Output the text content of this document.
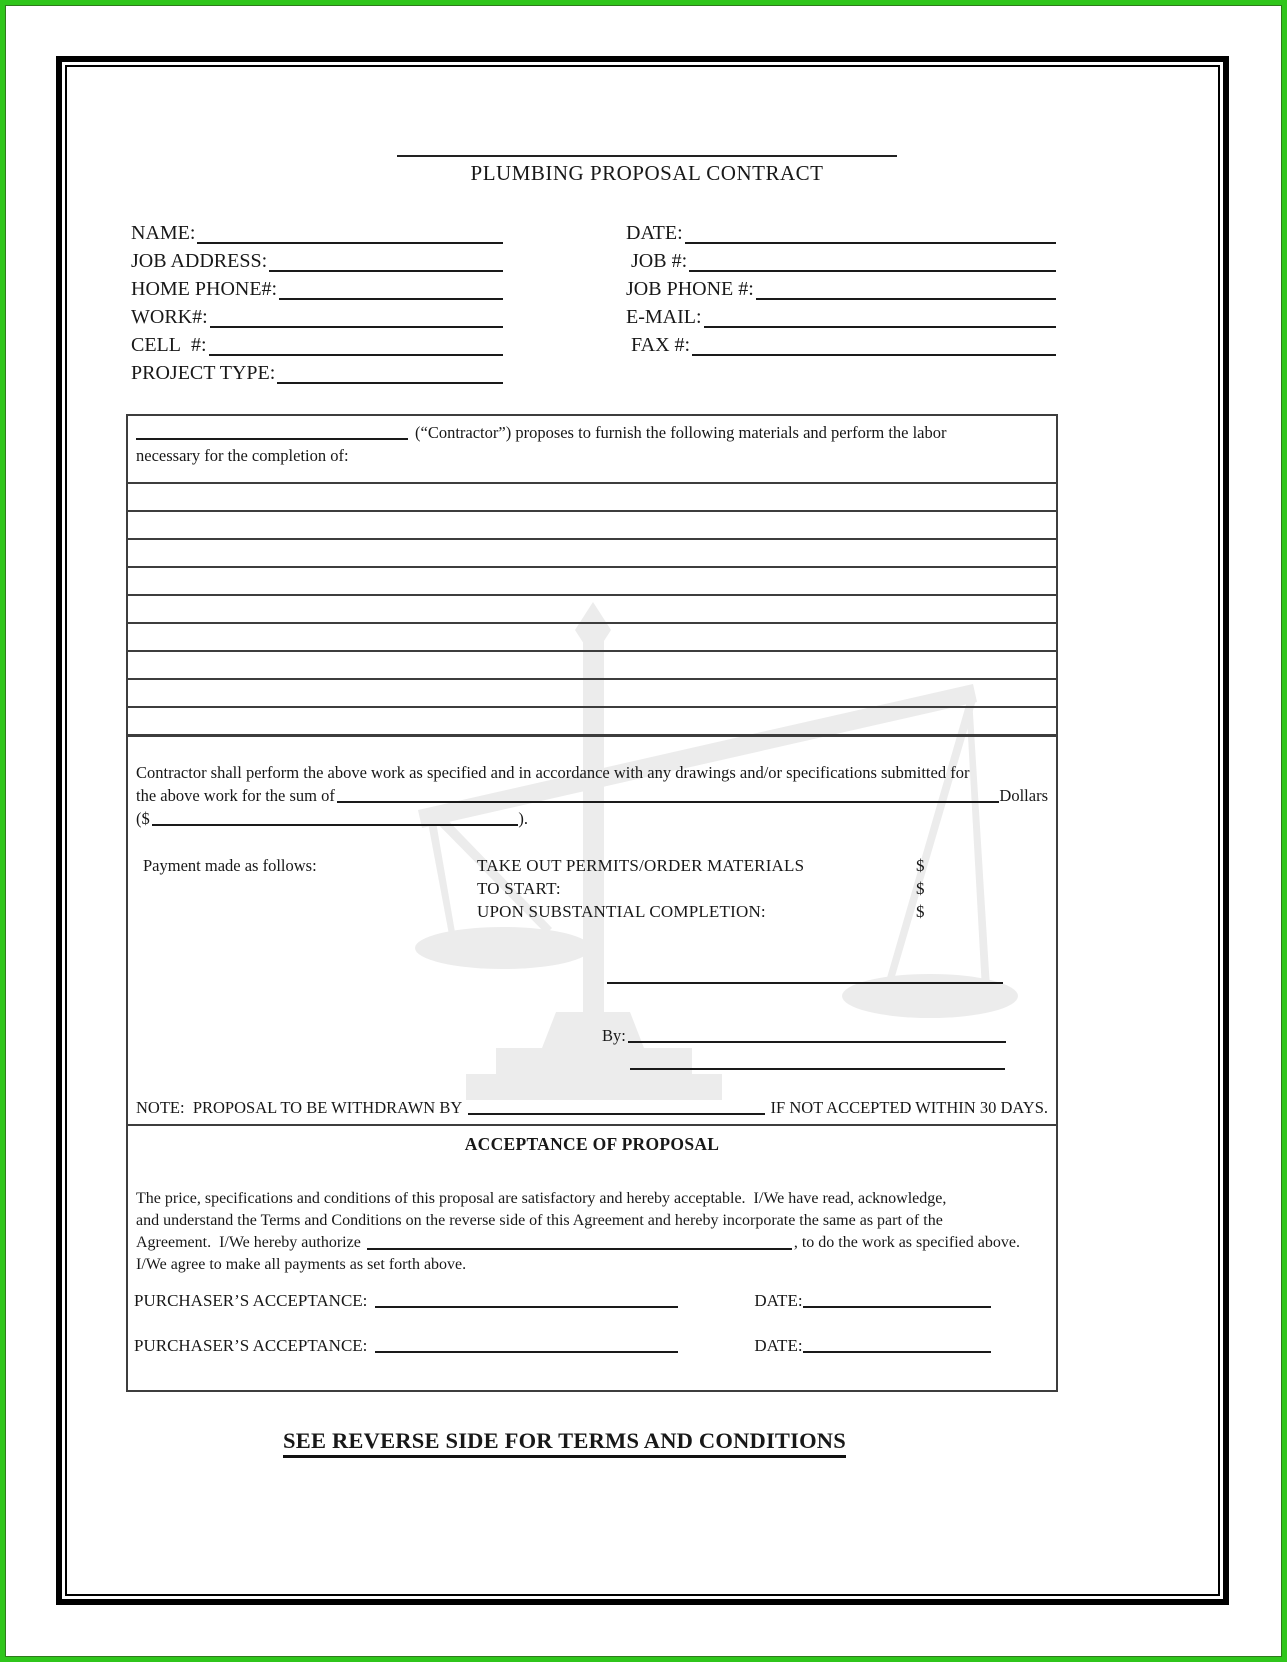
PLUMBING PROPOSAL CONTRACT
NAME:	DATE:
JOB ADDRESS:	JOB #:
HOME PHONE#:	JOB PHONE #:
WORK#:	E-MAIL:
CELL  #:	FAX #:
PROJECT TYPE:
(“Contractor”) proposes to furnish the following materials and perform the labor
necessary for the completion of:
Contractor shall perform the above work as specified and in accordance with any drawings and/or specifications submitted for
the above work for the sum of	Dollars
($	).
Payment made as follows:	TAKE OUT PERMITS/ORDER MATERIALS	$
TO START:	$
UPON SUBSTANTIAL COMPLETION:	$
By:
NOTE:  PROPOSAL TO BE WITHDRAWN BY	IF NOT ACCEPTED WITHIN 30 DAYS.
ACCEPTANCE OF PROPOSAL
The price, specifications and conditions of this proposal are satisfactory and hereby acceptable.  I/We have read, acknowledge,
and understand the Terms and Conditions on the reverse side of this Agreement and hereby incorporate the same as part of the
Agreement.  I/We hereby authorize	, to do the work as specified above.
I/We agree to make all payments as set forth above.
PURCHASER’S ACCEPTANCE:	DATE:
PURCHASER’S ACCEPTANCE:	DATE:
SEE REVERSE SIDE FOR TERMS AND CONDITIONS
